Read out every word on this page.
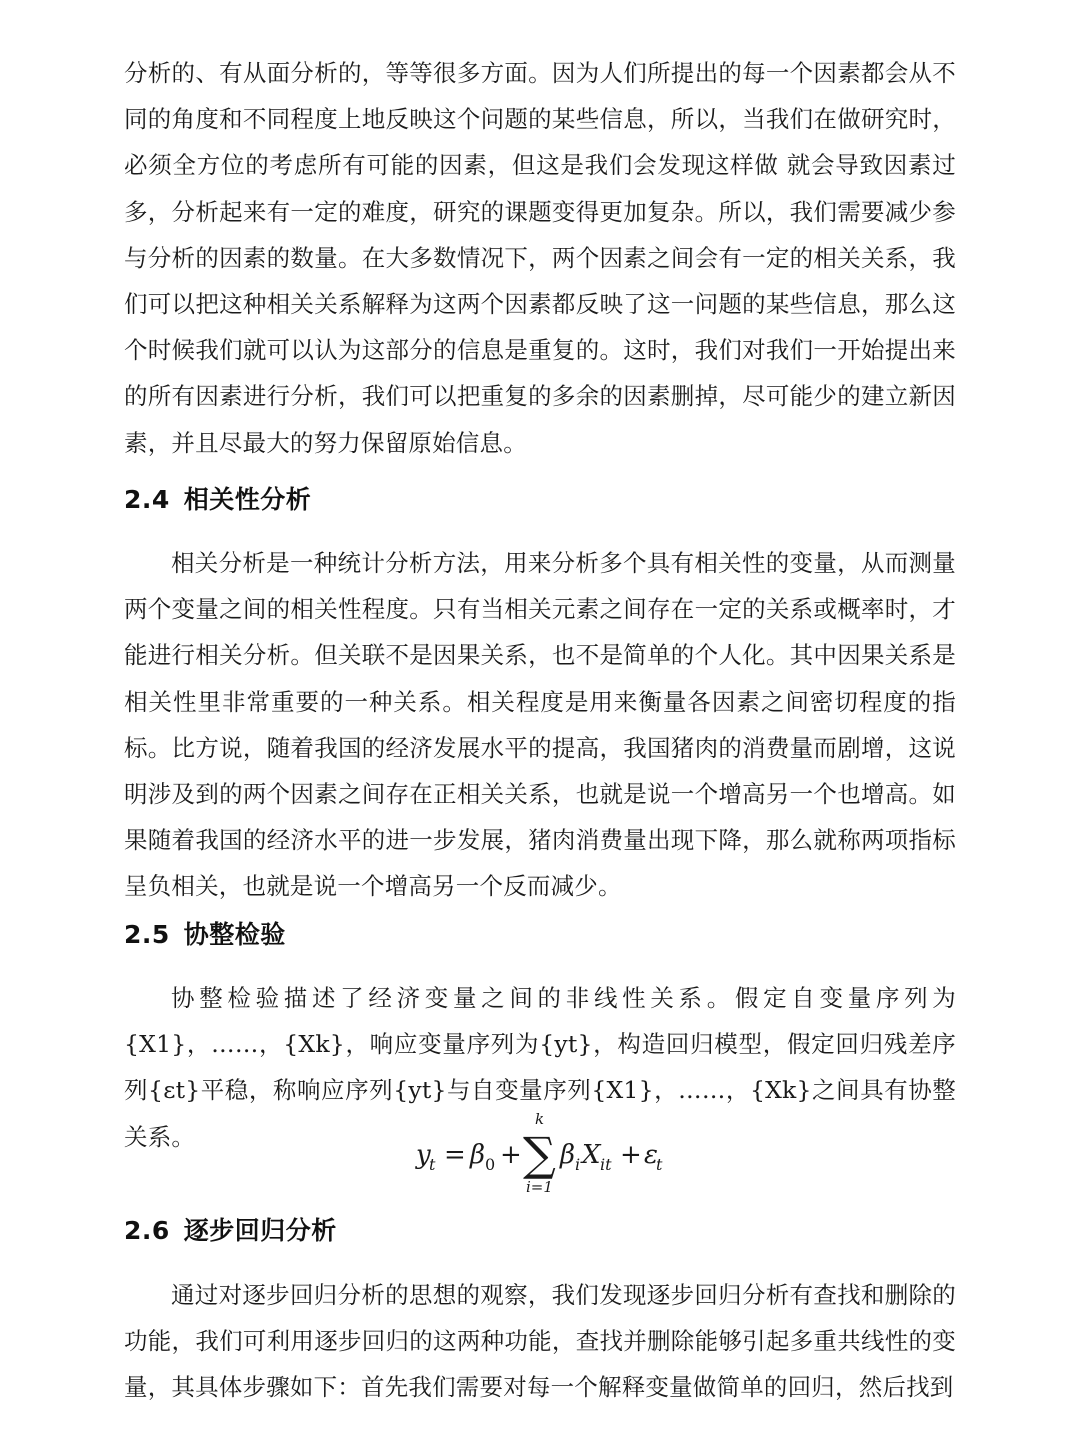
分析的、有从面分析的，等等很多方面。因为人们所提出的每一个因素都会从不同的角度和不同程度上地反映这个问题的某些信息，所以，当我们在做研究时，必须全方位的考虑所有可能的因素，但这是我们会发现这样做 就会导致因素过多，分析起来有一定的难度，研究的课题变得更加复杂。所以，我们需要减少参与分析的因素的数量。在大多数情况下，两个因素之间会有一定的相关关系，我们可以把这种相关关系解释为这两个因素都反映了这一问题的某些信息，那么这个时候我们就可以认为这部分的信息是重复的。这时，我们对我们一开始提出来的所有因素进行分析，我们可以把重复的多余的因素删掉，尽可能少的建立新因素，并且尽最大的努力保留原始信息。

2.4 相关性分析

相关分析是一种统计分析方法，用来分析多个具有相关性的变量，从而测量两个变量之间的相关性程度。只有当相关元素之间存在一定的关系或概率时，才能进行相关分析。但关联不是因果关系，也不是简单的个人化。其中因果关系是相关性里非常重要的一种关系。相关程度是用来衡量各因素之间密切程度的指标。比方说，随着我国的经济发展水平的提高，我国猪肉的消费量而剧增，这说明涉及到的两个因素之间存在正相关关系，也就是说一个增高另一个也增高。如果随着我国的经济水平的进一步发展，猪肉消费量出现下降，那么就称两项指标呈负相关，也就是说一个增高另一个反而减少。

2.5 协整检验

协整检验描述了经济变量之间的非线性关系。假定自变量序列为{X1}，……，{Xk}，响应变量序列为{yt}，构造回归模型，假定回归残差序列{εt}平稳，称响应序列{yt}与自变量序列{X1}，……，{Xk}之间具有协整关系。

y
t = β 0 + ∑
k
i=1
β i X it + ε
t
2.6 逐步回归分析

通过对逐步回归分析的思想的观察，我们发现逐步回归分析有查找和删除的功能，我们可利用逐步回归的这两种功能，查找并删除能够引起多重共线性的变量，其具体步骤如下：首先我们需要对每一个解释变量做简单的回归，然后找到
